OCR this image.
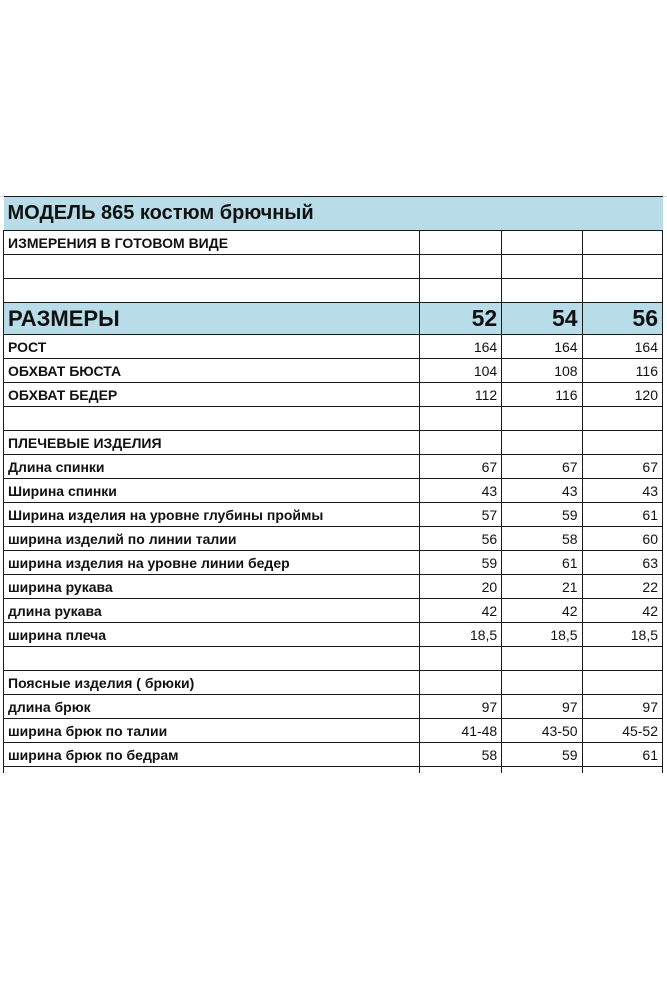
МОДЕЛЬ 865 костюм брючный			
ИЗМЕРЕНИЯ В ГОТОВОМ ВИДЕ			

РАЗМЕРЫ	52	54	56
РОСТ	164	164	164
ОБХВАТ БЮСТА	104	108	116
ОБХВАТ БЕДЕР	112	116	120

ПЛЕЧЕВЫЕ ИЗДЕЛИЯ			
Длина спинки	67	67	67
Ширина спинки	43	43	43
Ширина изделия на уровне глубины проймы	57	59	61
ширина изделий по линии талии	56	58	60
ширина изделия на уровне линии бедер	59	61	63
ширина рукава	20	21	22
длина рукава	42	42	42
ширина плеча	18,5	18,5	18,5

Поясные изделия ( брюки)			
длина брюк	97	97	97
ширина брюк по талии	41-48	43-50	45-52
ширина брюк по бедрам	58	59	61
